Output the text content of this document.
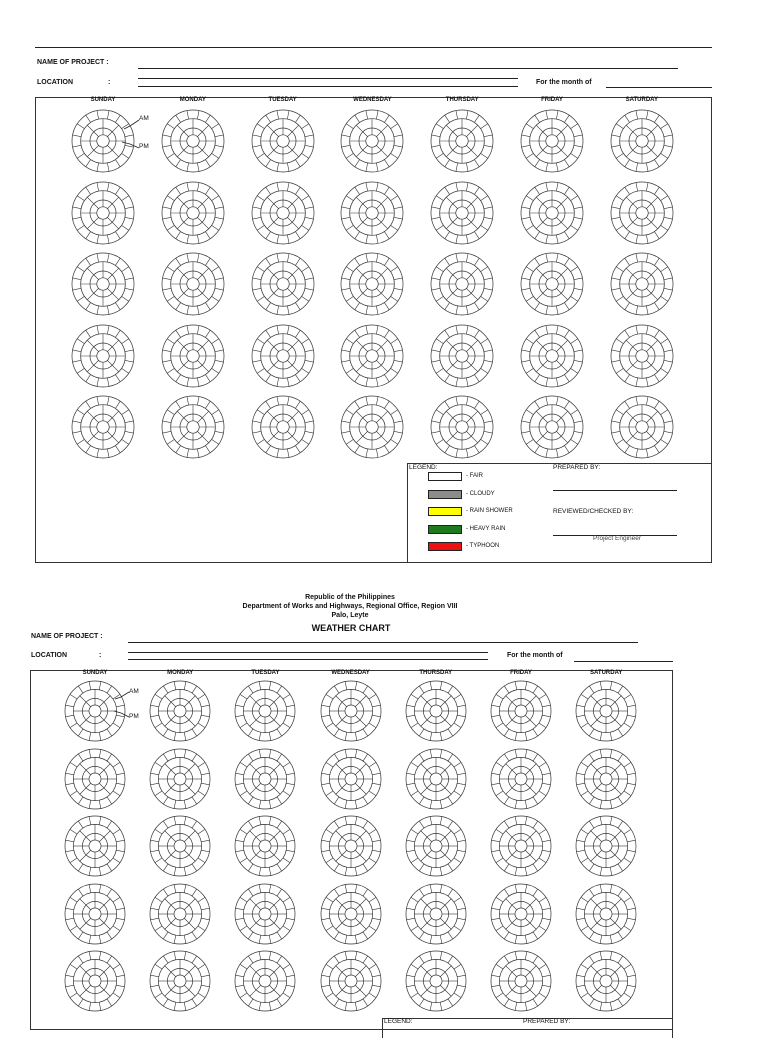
NAME OF PROJECT :
LOCATION	:	For the month of
SUNDAY	MONDAY	TUESDAY	WEDNESDAY	THURSDAY	FRIDAY	SATURDAY
AM
PM
LEGEND:
- FAIR
- CLOUDY
- RAIN SHOWER
- HEAVY RAIN
- TYPHOON
PREPARED BY:
REVIEWED/CHECKED BY:
Project Engineer
Republic of the Philippines
Department of Works and Highways, Regional Office, Region VIII
Palo, Leyte
WEATHER CHART
NAME OF PROJECT :
LOCATION	:	For the month of
SUNDAY	MONDAY	TUESDAY	WEDNESDAY	THURSDAY	FRIDAY	SATURDAY
AM
PM
LEGEND:	PREPARED BY:
